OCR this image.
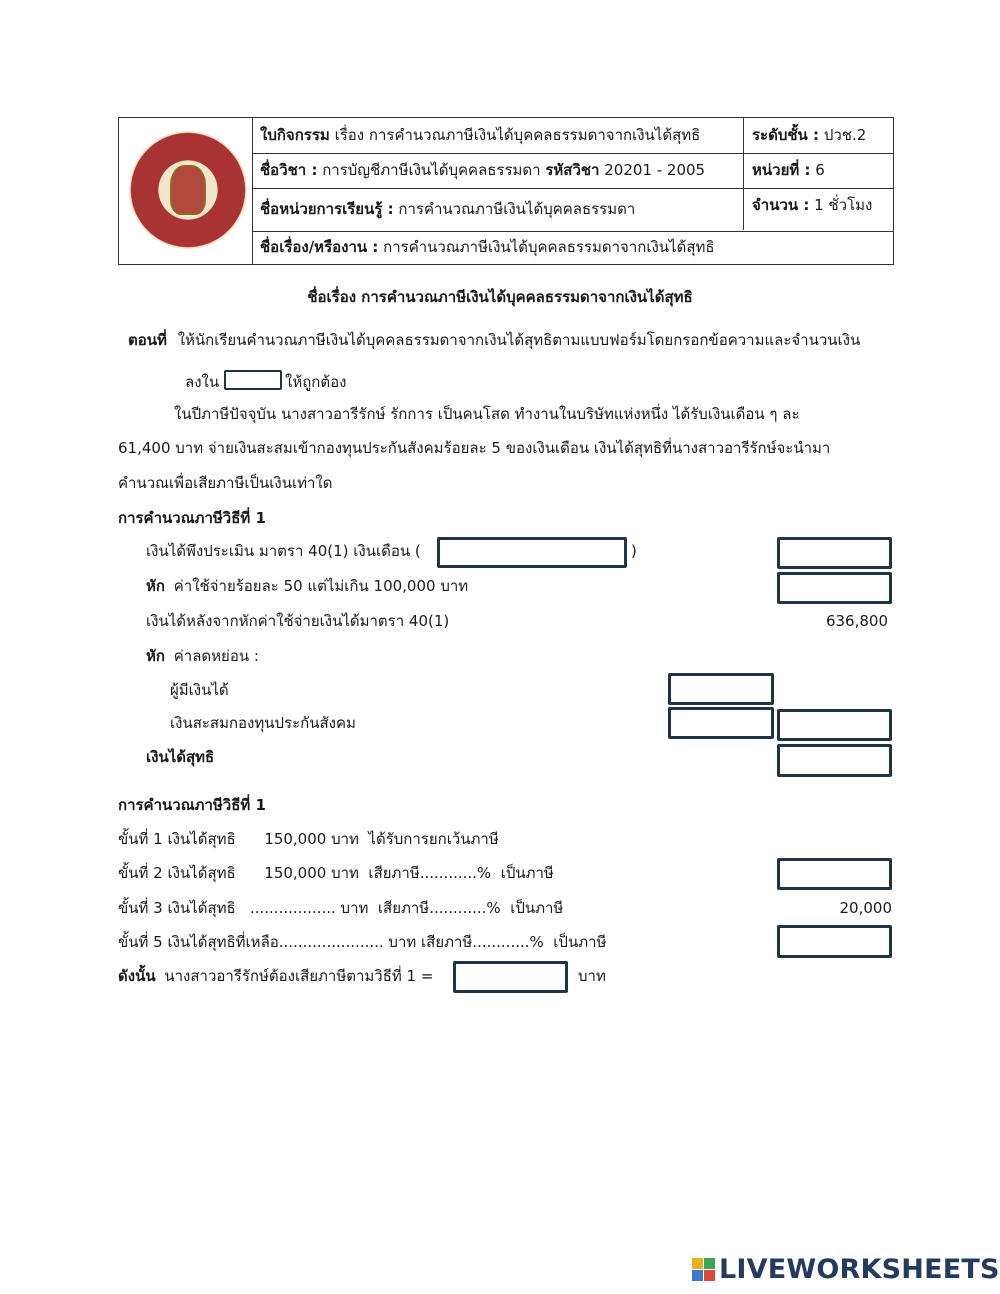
ใบกิจกรรม เรื่อง การคำนวณภาษีเงินได้บุคคลธรรมดาจากเงินได้สุทธิ	ระดับชั้น : ปวช.2
ชื่อวิชา : การบัญชีภาษีเงินได้บุคคลธรรมดา รหัสวิชา 20201 - 2005	หน่วยที่ : 6
ชื่อหน่วยการเรียนรู้ : การคำนวณภาษีเงินได้บุคคลธรรมดา	จำนวน : 1 ชั่วโมง
ชื่อเรื่อง/หรืองาน : การคำนวณภาษีเงินได้บุคคลธรรมดาจากเงินได้สุทธิ
ชื่อเรื่อง การคำนวณภาษีเงินได้บุคคลธรรมดาจากเงินได้สุทธิ
ตอนที่ ให้นักเรียนคำนวณภาษีเงินได้บุคคลธรรมดาจากเงินได้สุทธิตามแบบฟอร์มโดยกรอกข้อความและจำนวนเงิน
ลงใน	ให้ถูกต้อง
ในปีภาษีปัจจุบัน นางสาวอารีรักษ์ รักการ เป็นคนโสด ทำงานในบริษัทแห่งหนึ่ง ได้รับเงินเดือน ๆ ละ
61,400 บาท จ่ายเงินสะสมเข้ากองทุนประกันสังคมร้อยละ 5 ของเงินเดือน เงินได้สุทธิที่นางสาวอารีรักษ์จะนำมา
คำนวณเพื่อเสียภาษีเป็นเงินเท่าใด
การคำนวณภาษีวิธีที่ 1
เงินได้พึงประเมิน มาตรา 40(1) เงินเดือน (	)
หัก ค่าใช้จ่ายร้อยละ 50 แต่ไม่เกิน 100,000 บาท
เงินได้หลังจากหักค่าใช้จ่ายเงินได้มาตรา 40(1)	636,800
หัก ค่าลดหย่อน :
ผู้มีเงินได้
เงินสะสมกองทุนประกันสังคม
เงินได้สุทธิ
การคำนวณภาษีวิธีที่ 1
ขั้นที่ 1 เงินได้สุทธิ      150,000 บาท  ได้รับการยกเว้นภาษี
ขั้นที่ 2 เงินได้สุทธิ      150,000 บาท  เสียภาษี............%  เป็นภาษี
ขั้นที่ 3 เงินได้สุทธิ   .................. บาท  เสียภาษี............%  เป็นภาษี	20,000
ขั้นที่ 5 เงินได้สุทธิที่เหลือ...................... บาท เสียภาษี............%  เป็นภาษี
ดังนั้น นางสาวอารีรักษ์ต้องเสียภาษีตามวิธีที่ 1 =	บาท
LIVEWORKSHEETS
